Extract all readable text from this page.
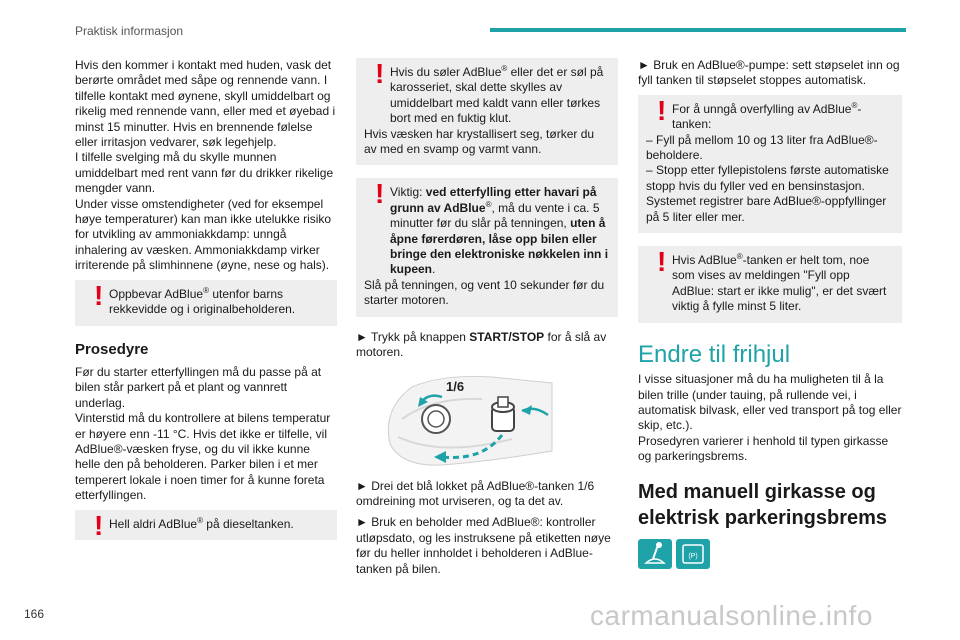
Praktisk informasjon

Hvis den kommer i kontakt med huden, vask det berørte området med såpe og rennende vann. I tilfelle kontakt med øynene, skyll umiddelbart og rikelig med rennende vann, eller med et øyebad i minst 15 minutter. Hvis en brennende følelse eller irritasjon vedvarer, søk legehjelp.
I tilfelle svelging må du skylle munnen umiddelbart med rent vann før du drikker rikelige mengder vann.
Under visse omstendigheter (ved for eksempel høye temperaturer) kan man ikke utelukke risiko for utvikling av ammoniakkdamp: unngå inhalering av væsken. Ammoniakkdamp virker irriterende på slimhinnene (øyne, nese og hals).

! Oppbevar AdBlue® utenfor barns rekkevidde og i originalbeholderen.

Prosedyre

Før du starter etterfyllingen må du passe på at bilen står parkert på et plant og vannrett underlag.
Vinterstid må du kontrollere at bilens temperatur er høyere enn -11 °C. Hvis det ikke er tilfelle, vil AdBlue®-væsken fryse, og du vil ikke kunne helle den på beholderen. Parker bilen i et mer temperert lokale i noen timer for å kunne foreta etterfyllingen.

! Hell aldri AdBlue® på dieseltanken.

! Hvis du søler AdBlue® eller det er søl på karosseriet, skal dette skylles av umiddelbart med kaldt vann eller tørkes bort med en fuktig klut.

Hvis væsken har krystallisert seg, tørker du av med en svamp og varmt vann.

! Viktig: ved etterfylling etter havari på grunn av AdBlue®, må du vente i ca. 5 minutter før du slår på tenningen, uten å åpne førerdøren, låse opp bilen eller bringe den elektroniske nøkkelen inn i kupeen.

Slå på tenningen, og vent 10 sekunder før du starter motoren.

► Trykk på knappen START/STOP for å slå av motoren.

1/6

► Drei det blå lokket på AdBlue®-tanken 1/6 omdreining mot urviseren, og ta det av.

► Bruk en beholder med AdBlue®: kontroller utløpsdato, og les instruksene på etiketten nøye før du heller innholdet i beholderen i AdBlue-tanken på bilen.

► Bruk en AdBlue®-pumpe: sett støpselet inn og fyll tanken til støpselet stoppes automatisk.

! For å unngå overfylling av AdBlue®-tanken:

– Fyll på mellom 10 og 13 liter fra AdBlue®-beholdere.

– Stopp etter fyllepistolens første automatiske stopp hvis du fyller ved en bensinstasjon.

Systemet registrer bare AdBlue®-oppfyllinger på 5 liter eller mer.

! Hvis AdBlue®-tanken er helt tom, noe som vises av meldingen "Fyll opp AdBlue: start er ikke mulig", er det svært viktig å fylle minst 5 liter.

Endre til frihjul

I visse situasjoner må du ha muligheten til å la bilen trille (under tauing, på rullende vei, i automatisk bilvask, eller ved transport på tog eller skip, etc.).
Prosedyren varierer i henhold til typen girkasse og parkeringsbrems.

Med manuell girkasse og elektrisk parkeringsbrems
(P)
166	carmanualsonline.info
